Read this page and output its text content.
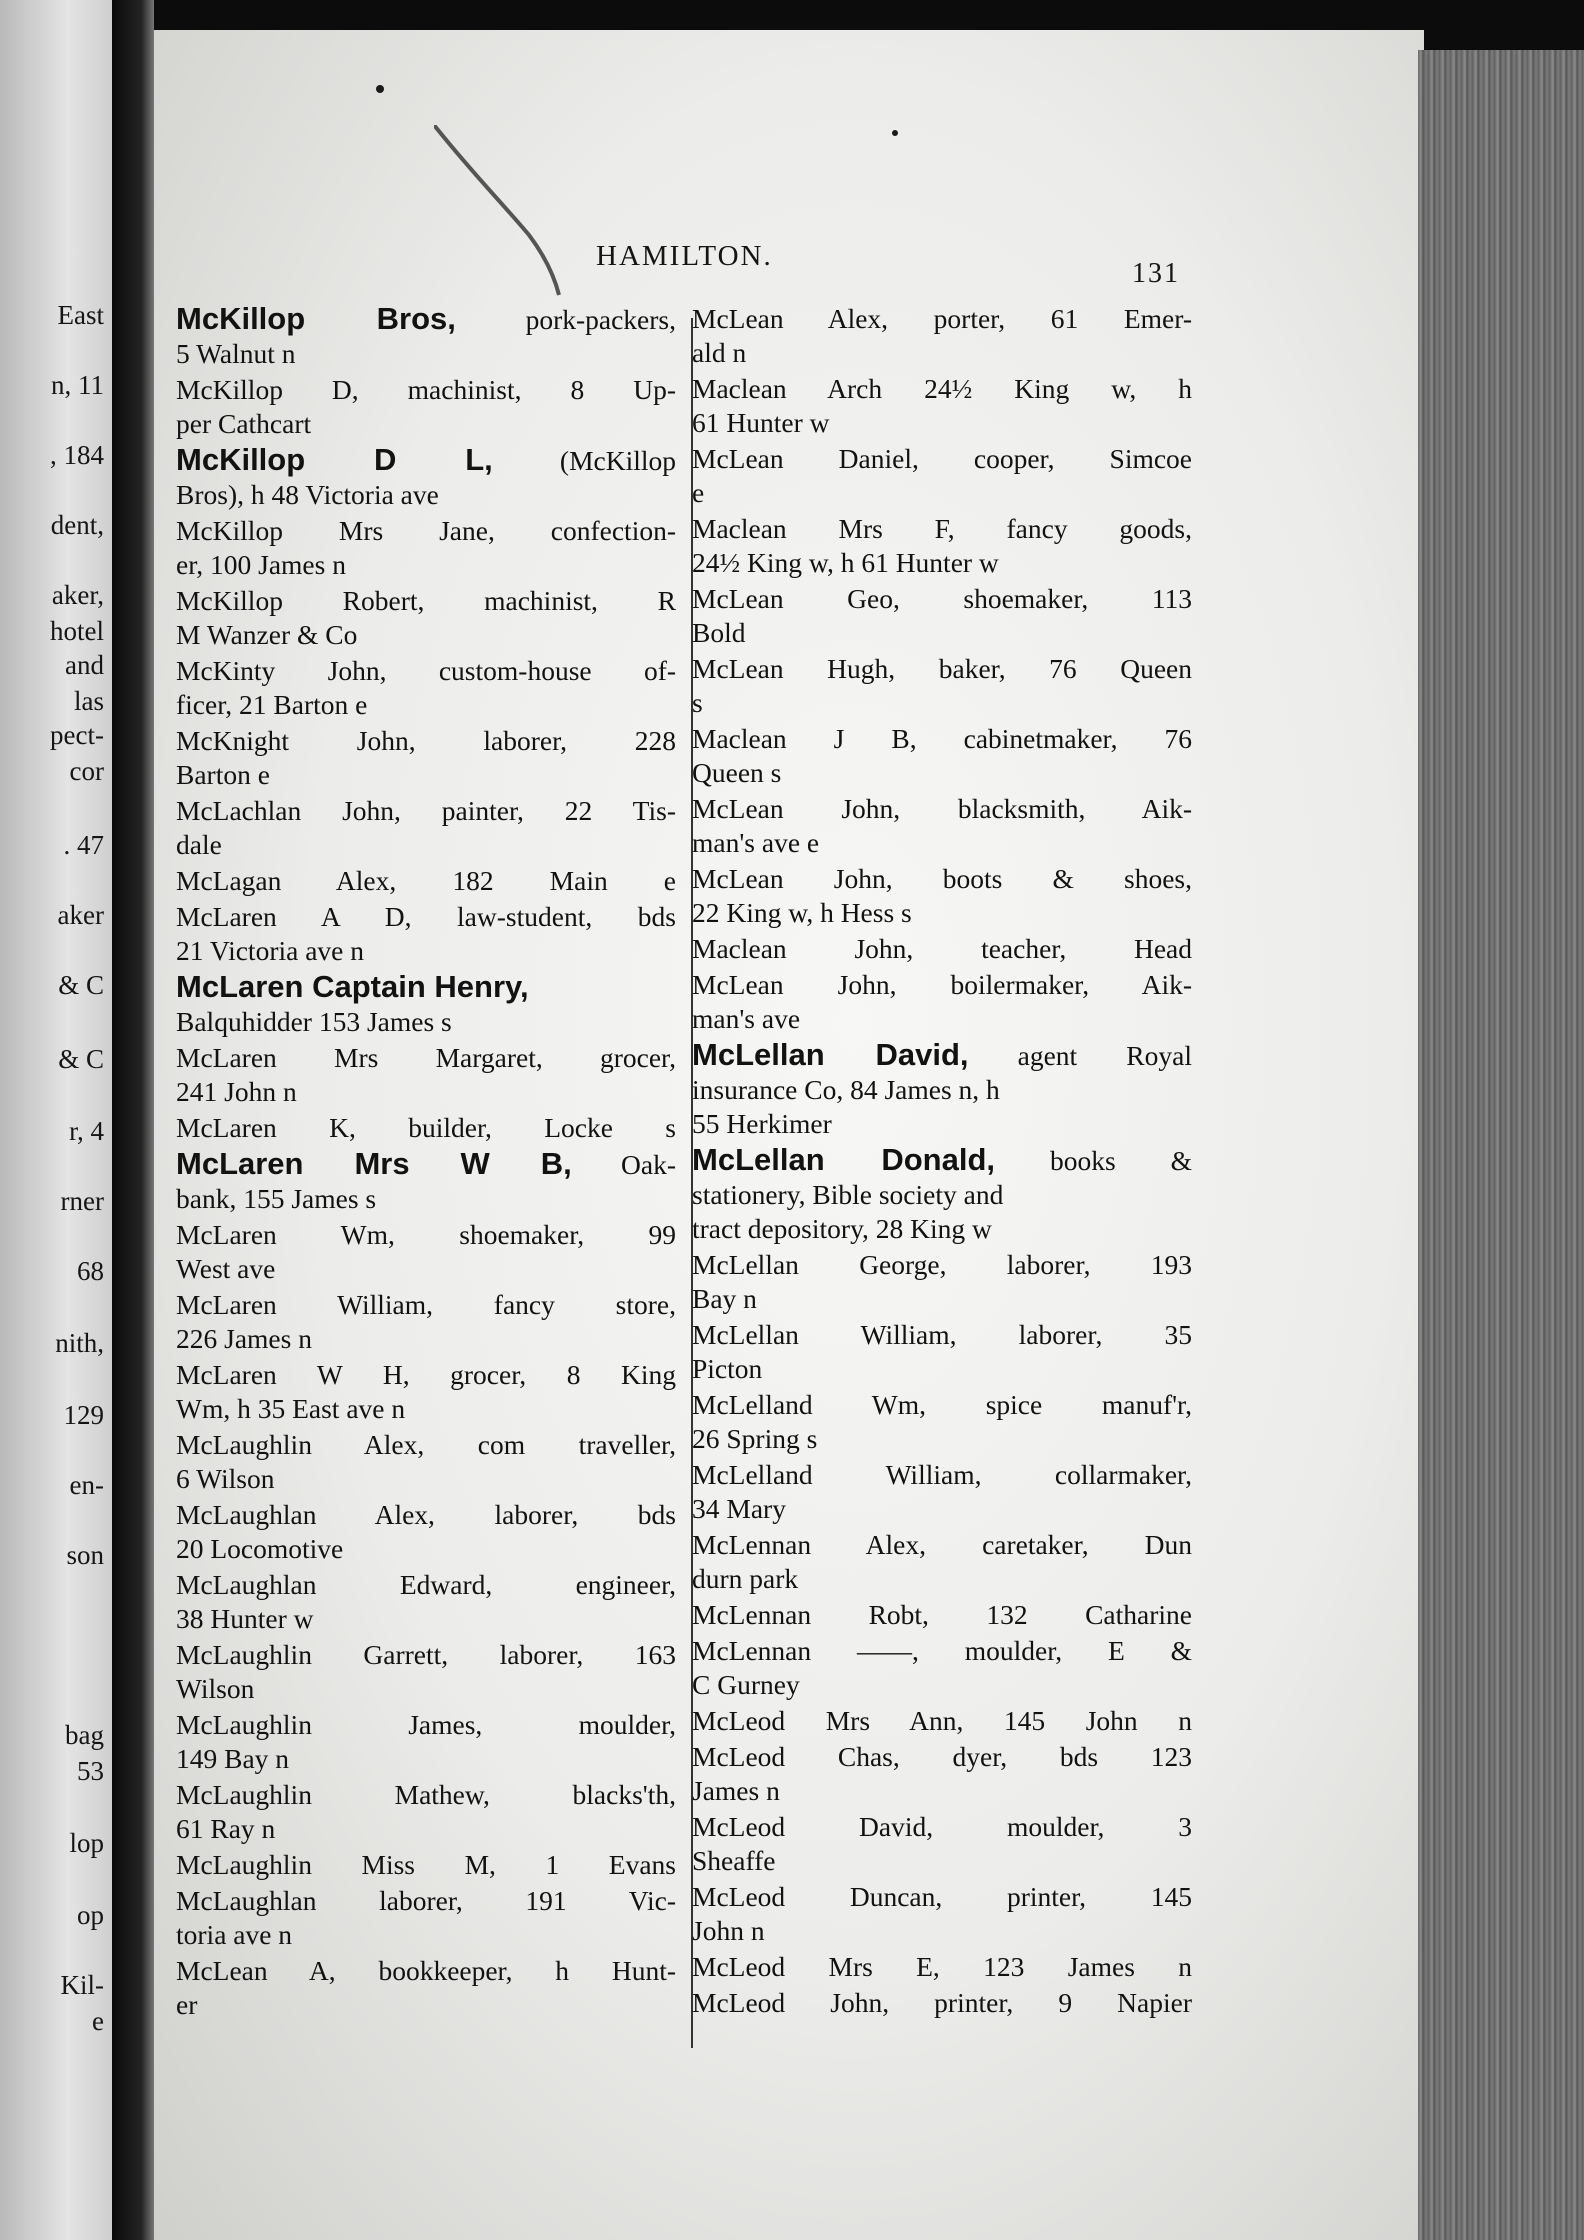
East
n, 11
, 184
dent,
aker,
hotel
and
las
pect-
cor
. 47
aker
& C
& C
r, 4
rner
68
nith,
129
en-
son
bag
53
lop
op
Kil-
e
HAMILTON.
131
McKillop Bros,	pork-packers,
5 Walnut n
McKillop D, machinist, 8 Up-
per Cathcart
McKillop D L, (McKillop
Bros), h 48 Victoria ave
McKillop Mrs Jane, confection-
er, 100 James n
McKillop Robert, machinist, R
M Wanzer & Co
McKinty John, custom-house of-
ficer, 21 Barton e
McKnight John, laborer, 228
Barton e
McLachlan John, painter, 22 Tis-
dale
McLagan Alex, 182 Main e
McLaren A D, law-student, bds
21 Victoria ave n
McLaren Captain Henry,
Balquhidder 153 James s
McLaren Mrs Margaret, grocer,
241 John n
McLaren K, builder, Locke s
McLaren Mrs W B, Oak-
bank, 155 James s
McLaren Wm, shoemaker, 99
West ave
McLaren William, fancy store,
226 James n
McLaren W H, grocer, 8 King
Wm, h 35 East ave n
McLaughlin Alex, com traveller,
6 Wilson
McLaughlan Alex, laborer, bds
20 Locomotive
McLaughlan Edward,	engineer,
38 Hunter w
McLaughlin Garrett, laborer, 163
Wilson
McLaughlin James,	moulder,
149 Bay n
McLaughlin Mathew,	blacks'th,
61 Ray n
McLaughlin Miss M, 1 Evans
McLaughlan laborer, 191 Vic-
toria ave n
McLean A, bookkeeper, h Hunt-
er
McLean Alex, porter, 61 Emer-
ald n
Maclean Arch 24½ King w, h
61 Hunter w
McLean Daniel, cooper, Simcoe
e
Maclean Mrs F, fancy goods,
24½ King w, h 61 Hunter w
McLean Geo, shoemaker, 113
Bold
McLean Hugh, baker, 76 Queen
s
Maclean J B, cabinetmaker, 76
Queen s
McLean John, blacksmith, Aik-
man's ave e
McLean John, boots & shoes,
22 King w, h Hess s
Maclean John, teacher, Head
McLean John, boilermaker, Aik-
man's ave
McLellan David, agent Royal
insurance Co, 84 James n, h
55 Herkimer
McLellan Donald, books &
stationery, Bible society and
tract depository, 28 King w
McLellan George, laborer, 193
Bay n
McLellan William, laborer, 35
Picton
McLelland Wm, spice manuf'r,
26 Spring s
McLelland William,	collarmaker,
34 Mary
McLennan Alex, caretaker, Dun
durn park
McLennan Robt, 132 Catharine
McLennan ——, moulder, E &
C Gurney
McLeod Mrs Ann, 145 John n
McLeod Chas, dyer, bds 123
James n
McLeod David,	moulder, 3
Sheaffe
McLeod Duncan, printer, 145
John n
McLeod Mrs E, 123 James n
McLeod John, printer, 9 Napier
